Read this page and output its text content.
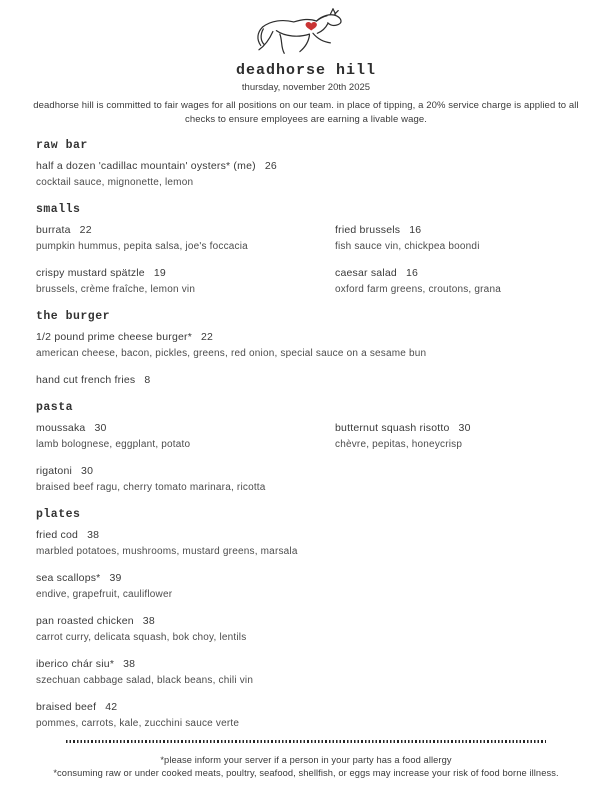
deadhorse hill
thursday, november 20th 2025

deadhorse hill is committed to fair wages for all positions on our team. in place of tipping, a 20% service charge is applied to all checks to ensure employees are earning a livable wage.

raw bar
half a dozen 'cadillac mountain' oysters* (me) 26
cocktail sauce, mignonette, lemon
smalls
burrata 22
pumpkin hummus, pepita salsa, joe's foccacia
fried brussels 16
fish sauce vin, chickpea boondi
crispy mustard spätzle 19
brussels, crème fraîche, lemon vin
caesar salad 16
oxford farm greens, croutons, grana
the burger
1/2 pound prime cheese burger* 22
american cheese, bacon, pickles, greens, red onion, special sauce on a sesame bun
hand cut french fries 8
pasta
moussaka 30
lamb bolognese, eggplant, potato
butternut squash risotto 30
chèvre, pepitas, honeycrisp
rigatoni 30
braised beef ragu, cherry tomato marinara, ricotta
plates
fried cod 38
marbled potatoes, mushrooms, mustard greens, marsala
sea scallops* 39
endive, grapefruit, cauliflower
pan roasted chicken 38
carrot curry, delicata squash, bok choy, lentils
iberico chár siu* 38
szechuan cabbage salad, black beans, chili vin
braised beef 42
pommes, carrots, kale, zucchini sauce verte
*please inform your server if a person in your party has a food allergy
*consuming raw or under cooked meats, poultry, seafood, shellfish, or eggs may increase your risk of food borne illness.
